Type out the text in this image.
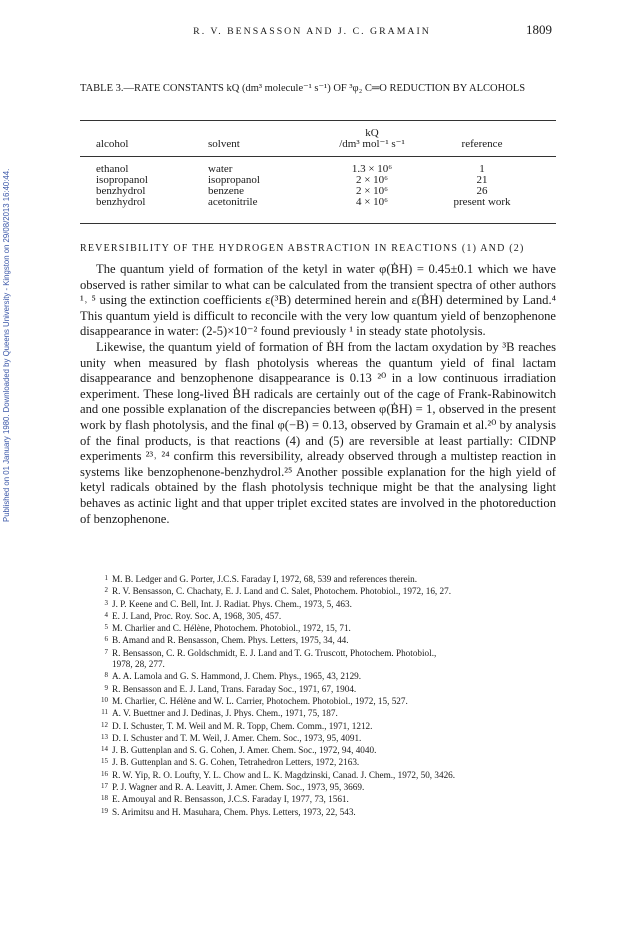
Published on 01 January 1980. Downloaded by Queens University - Kingston on 29/08/2013 16:40:44.
R. V. BENSASSON AND J. C. GRAMAIN	1809
TABLE 3.—RATE CONSTANTS kQ (dm³ molecule⁻¹ s⁻¹) OF ³φ₂ C═O REDUCTION BY ALCOHOLS
kQ
alcohol	solvent	/dm³ mol⁻¹ s⁻¹	reference
ethanol	water	1.3 × 10⁶	1
isopropanol	isopropanol	2 × 10⁶	21
benzhydrol	benzene	2 × 10⁶	26
benzhydrol	acetonitrile	4 × 10⁶	present work
REVERSIBILITY OF THE HYDROGEN ABSTRACTION IN REACTIONS (1) AND (2)

The quantum yield of formation of the ketyl in water φ(ḂH) = 0.45±0.1 which we have observed is rather similar to what can be calculated from the transient spectra of other authors ¹˒ ⁵ using the extinction coefficients ε(³B) determined herein and ε(ḂH) determined by Land.⁴ This quantum yield is difficult to reconcile with the very low quantum yield of benzophenone disappearance in water: (2-5)×10⁻² found previously ¹ in steady state photolysis.

Likewise, the quantum yield of formation of ḂH from the lactam oxydation by ³B reaches unity when measured by flash photolysis whereas the quantum yield of final lactam disappearance and benzophenone disappearance is 0.13 ²⁰ in a low continuous irradiation experiment. These long-lived ḂH radicals are certainly out of the cage of Frank-Rabinowitch and one possible explanation of the discrepancies between φ(ḂH) = 1, observed in the present work by flash photolysis, and the final φ(−B) = 0.13, observed by Gramain et al.²⁰ by analysis of the final products, is that reactions (4) and (5) are reversible at least partially: CIDNP experiments ²³˒ ²⁴ confirm this reversibility, already observed through a multistep reaction in systems like benzophenone-benzhydrol.²⁵ Another possible explanation for the high yield of ketyl radicals obtained by the flash photolysis technique might be that the analysing light behaves as actinic light and that upper triplet excited states are involved in the photoreduction of benzophenone.

1 M. B. Ledger and G. Porter, J.C.S. Faraday I, 1972, 68, 539 and references therein.
2 R. V. Bensasson, C. Chachaty, E. J. Land and C. Salet, Photochem. Photobiol., 1972, 16, 27.
3 J. P. Keene and C. Bell, Int. J. Radiat. Phys. Chem., 1973, 5, 463.
4 E. J. Land, Proc. Roy. Soc. A, 1968, 305, 457.
5 M. Charlier and C. Hélène, Photochem. Photobiol., 1972, 15, 71.
6 B. Amand and R. Bensasson, Chem. Phys. Letters, 1975, 34, 44.
7 R. Bensasson, C. R. Goldschmidt, E. J. Land and T. G. Truscott, Photochem. Photobiol.,
1978, 28, 277.
8 A. A. Lamola and G. S. Hammond, J. Chem. Phys., 1965, 43, 2129.
9 R. Bensasson and E. J. Land, Trans. Faraday Soc., 1971, 67, 1904.
10 M. Charlier, C. Hélène and W. L. Carrier, Photochem. Photobiol., 1972, 15, 527.
11 A. V. Buettner and J. Dedinas, J. Phys. Chem., 1971, 75, 187.
12 D. I. Schuster, T. M. Weil and M. R. Topp, Chem. Comm., 1971, 1212.
13 D. I. Schuster and T. M. Weil, J. Amer. Chem. Soc., 1973, 95, 4091.
14 J. B. Guttenplan and S. G. Cohen, J. Amer. Chem. Soc., 1972, 94, 4040.
15 J. B. Guttenplan and S. G. Cohen, Tetrahedron Letters, 1972, 2163.
16 R. W. Yip, R. O. Loufty, Y. L. Chow and L. K. Magdzinski, Canad. J. Chem., 1972, 50, 3426.
17 P. J. Wagner and R. A. Leavitt, J. Amer. Chem. Soc., 1973, 95, 3669.
18 E. Amouyal and R. Bensasson, J.C.S. Faraday I, 1977, 73, 1561.
19 S. Arimitsu and H. Masuhara, Chem. Phys. Letters, 1973, 22, 543.
